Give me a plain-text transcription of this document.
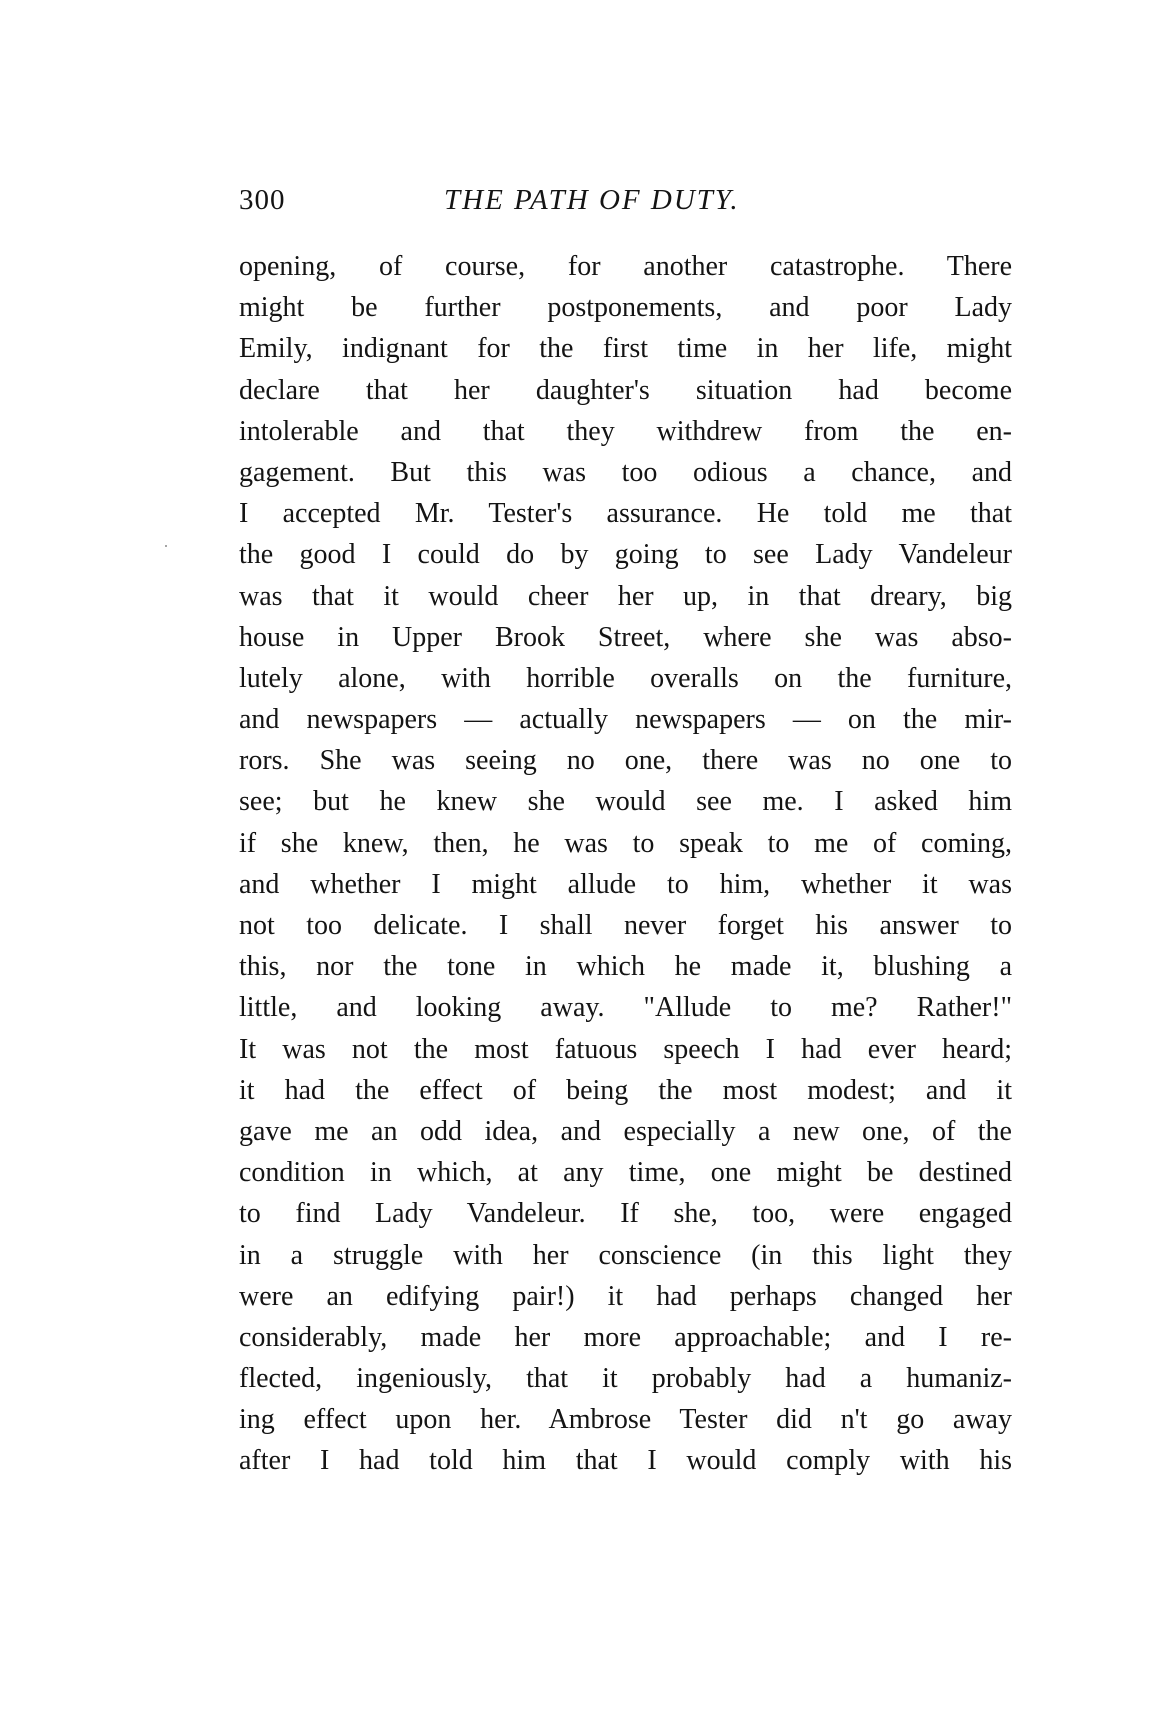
300	THE PATH OF DUTY.
opening, of course, for another catastrophe. There
might be further postponements, and poor Lady
Emily, indignant for the first time in her life, might
declare that her daughter's situation had become
intolerable and that they withdrew from the en-
gagement. But this was too odious a chance, and
I accepted Mr. Tester's assurance. He told me that
the good I could do by going to see Lady Vandeleur
was that it would cheer her up, in that dreary, big
house in Upper Brook Street, where she was abso-
lutely alone, with horrible overalls on the furniture,
and newspapers — actually newspapers — on the mir-
rors. She was seeing no one, there was no one to
see; but he knew she would see me. I asked him
if she knew, then, he was to speak to me of coming,
and whether I might allude to him, whether it was
not too delicate. I shall never forget his answer to
this, nor the tone in which he made it, blushing a
little, and looking away. "Allude to me? Rather!"
It was not the most fatuous speech I had ever heard;
it had the effect of being the most modest; and it
gave me an odd idea, and especially a new one, of the
condition in which, at any time, one might be destined
to find Lady Vandeleur. If she, too, were engaged
in a struggle with her conscience (in this light they
were an edifying pair!) it had perhaps changed her
considerably, made her more approachable; and I re-
flected, ingeniously, that it probably had a humaniz-
ing effect upon her. Ambrose Tester did n't go away
after I had told him that I would comply with his
